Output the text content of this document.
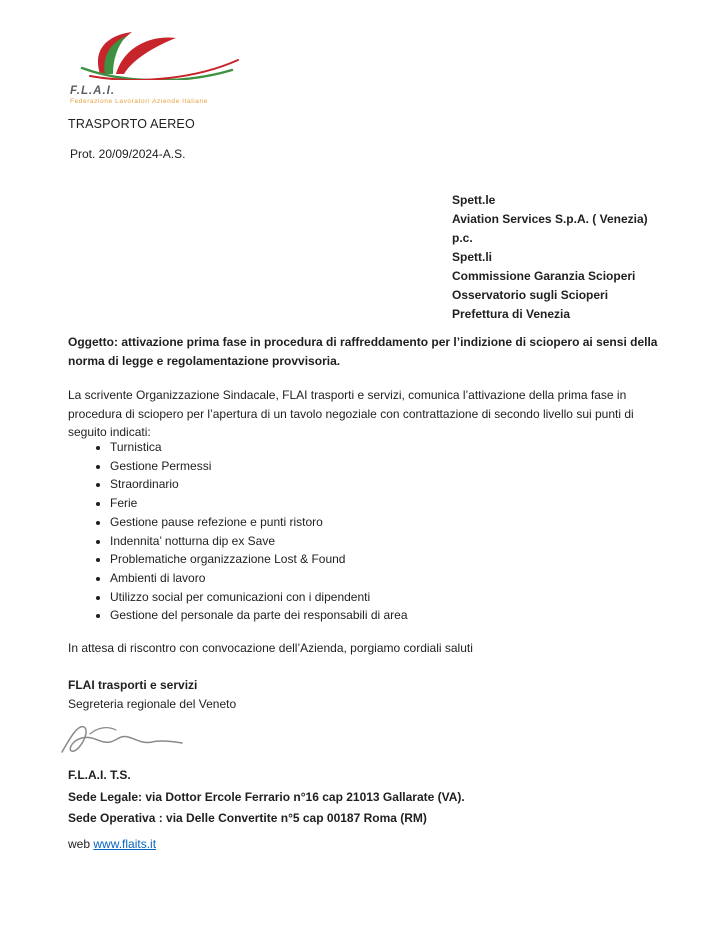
F.L.A.I.
Federazione Lavoratori Aziende Italiane
TRASPORTO AEREO
Prot. 20/09/2024-A.S.
Spett.le
Aviation Services S.p.A. ( Venezia)
p.c.
Spett.li
Commissione Garanzia Scioperi
Osservatorio sugli Scioperi
Prefettura di Venezia
Oggetto: attivazione prima fase in procedura di raffreddamento per l’indizione di sciopero ai sensi della
norma di legge e regolamentazione provvisoria.
La scrivente Organizzazione Sindacale, FLAI trasporti e servizi, comunica l’attivazione della prima fase in
procedura di sciopero per l’apertura di un tavolo negoziale con contrattazione di secondo livello sui punti di
seguito indicati:
• Turnistica
• Gestione Permessi
• Straordinario
• Ferie
• Gestione pause refezione e punti ristoro
• Indennita’ notturna dip ex Save
• Problematiche organizzazione Lost & Found
• Ambienti di lavoro
• Utilizzo social per comunicazioni con i dipendenti
• Gestione del personale da parte dei responsabili di area
In attesa di riscontro con convocazione dell’Azienda, porgiamo cordiali saluti
FLAI trasporti e servizi
Segreteria regionale del Veneto
F.L.A.I. T.S.
Sede Legale: via Dottor Ercole Ferrario n°16 cap 21013 Gallarate (VA).
Sede Operativa : via Delle Convertite n°5 cap 00187 Roma (RM)
web www.flaits.it
